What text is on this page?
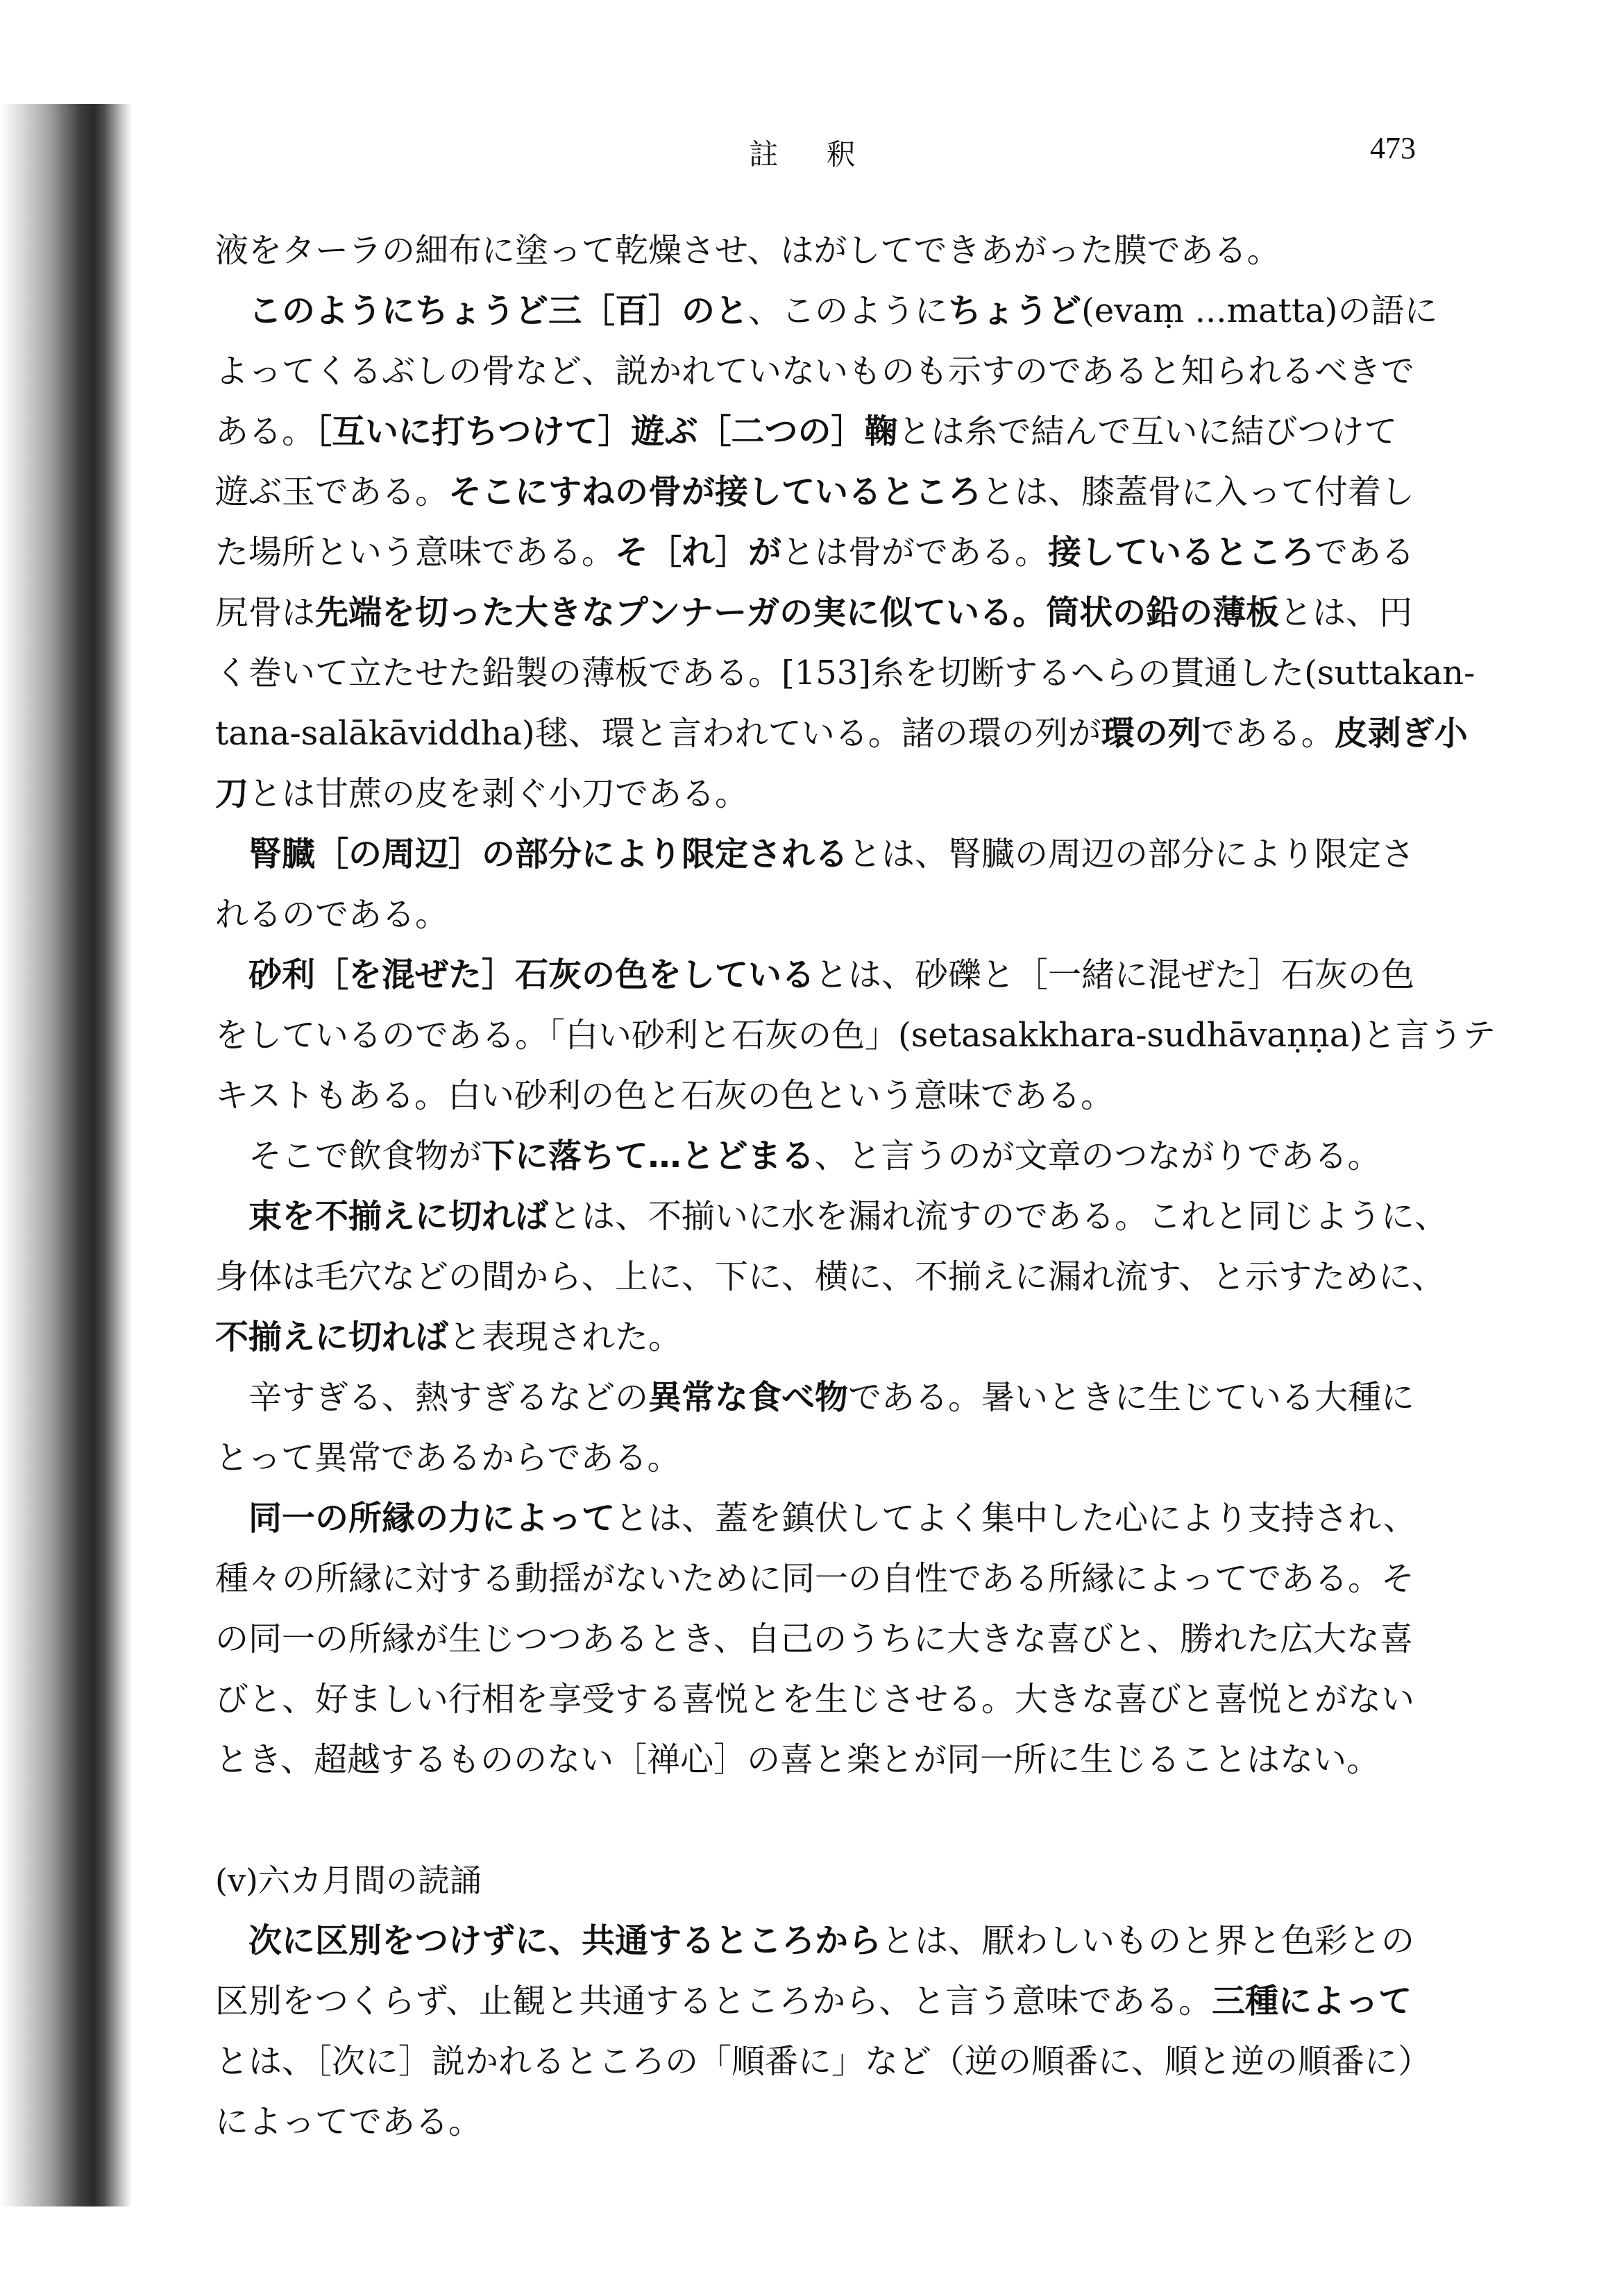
註 釈	473
液をターラの細布に塗って乾燥させ、はがしてできあがった膜である。
　このようにちょうど三［百］のと、このようにちょうど(evaṃ ...matta)の語に
よってくるぶしの骨など、説かれていないものも示すのであると知られるべきで
ある。［互いに打ちつけて］遊ぶ［二つの］鞠とは糸で結んで互いに結びつけて
遊ぶ玉である。そこにすねの骨が接しているところとは、膝蓋骨に入って付着し
た場所という意味である。そ［れ］がとは骨がである。接しているところである
尻骨は先端を切った大きなプンナーガの実に似ている。筒状の鉛の薄板とは、円
く巻いて立たせた鉛製の薄板である。[153]糸を切断するへらの貫通した(suttakan-
tana-salākāviddha)毬、環と言われている。諸の環の列が環の列である。皮剥ぎ小
刀とは甘蔗の皮を剥ぐ小刀である。
　腎臓［の周辺］の部分により限定されるとは、腎臓の周辺の部分により限定さ
れるのである。
　砂利［を混ぜた］石灰の色をしているとは、砂礫と［一緒に混ぜた］石灰の色
をしているのである。「白い砂利と石灰の色」(setasakkhara-sudhāvaṇṇa)と言うテ
キストもある。白い砂利の色と石灰の色という意味である。
　そこで飲食物が下に落ちて…とどまる、と言うのが文章のつながりである。
　束を不揃えに切ればとは、不揃いに水を漏れ流すのである。これと同じように、
身体は毛穴などの間から、上に、下に、横に、不揃えに漏れ流す、と示すために、
不揃えに切ればと表現された。
　辛すぎる、熱すぎるなどの異常な食べ物である。暑いときに生じている大種に
とって異常であるからである。
　同一の所縁の力によってとは、蓋を鎮伏してよく集中した心により支持され、
種々の所縁に対する動揺がないために同一の自性である所縁によってである。そ
の同一の所縁が生じつつあるとき、自己のうちに大きな喜びと、勝れた広大な喜
びと、好ましい行相を享受する喜悦とを生じさせる。大きな喜びと喜悦とがない
とき、超越するもののない［禅心］の喜と楽とが同一所に生じることはない。
(v)六カ月間の読誦
　次に区別をつけずに、共通するところからとは、厭わしいものと界と色彩との
区別をつくらず、止観と共通するところから、と言う意味である。三種によって
とは、［次に］説かれるところの「順番に」など（逆の順番に、順と逆の順番に）
によってである。
